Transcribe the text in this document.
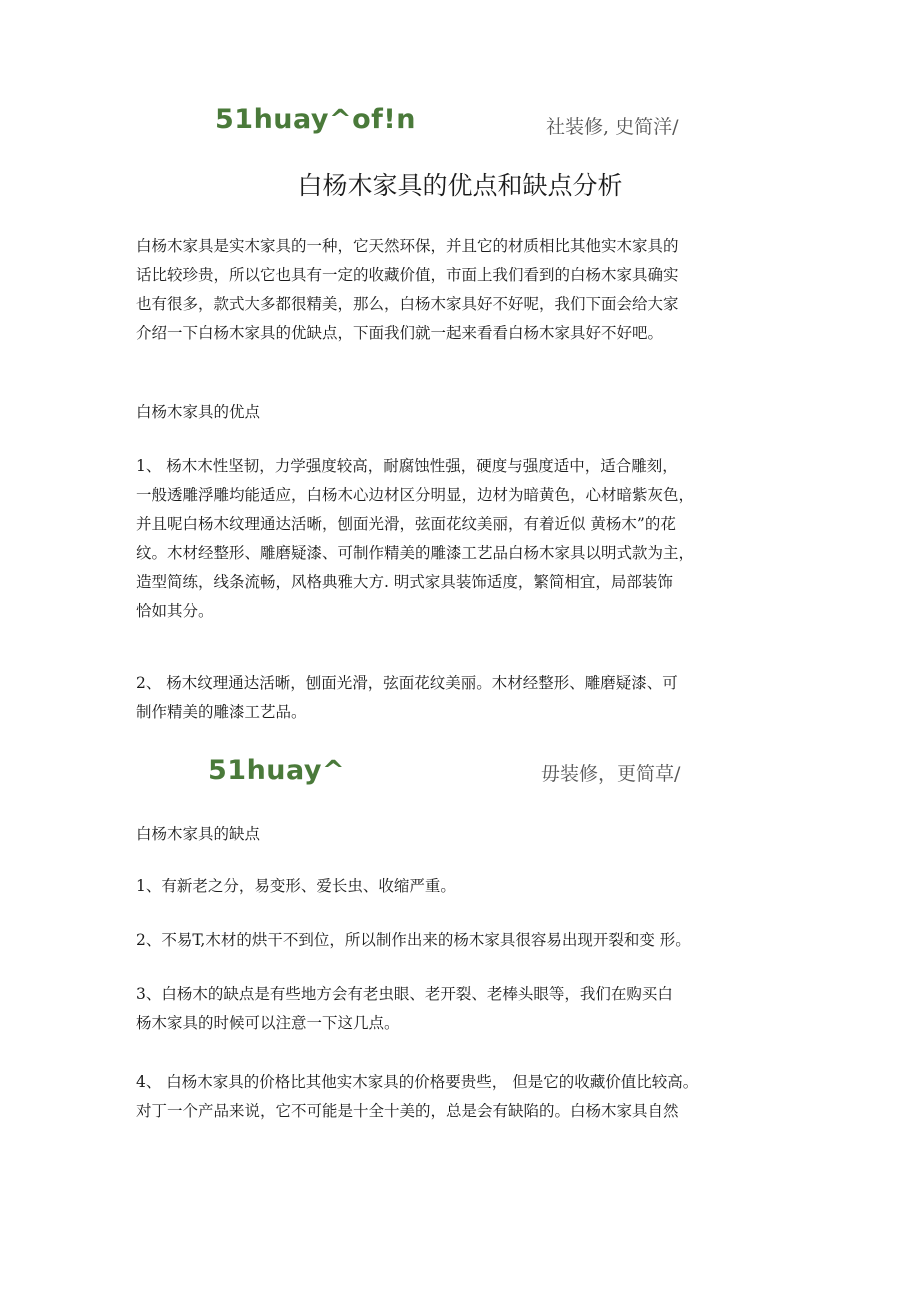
51huay^of!n	社装修, 史简洋/
白杨木家具的优点和缺点分析
白杨木家具是实木家具的一种，它天然环保，并且它的材质相比其他实木家具的
话比较珍贵，所以它也具有一定的收藏价值，市面上我们看到的白杨木家具确实
也有很多，款式大多都很精美，那么，白杨木家具好不好呢，我们下面会给大家
介绍一下白杨木家具的优缺点，下面我们就一起来看看白杨木家具好不好吧。
白杨木家具的优点
1、 杨木木性坚韧，力学强度较高，耐腐蚀性强，硬度与强度适中，适合雕刻，
一般透雕浮雕均能适应，白杨木心边材区分明显，边材为暗黄色，心材暗紫灰色，
并且呢白杨木纹理通达活晰，刨面光滑，弦面花纹美丽，有着近似 黄杨木”的花
纹。木材经整形、雕磨疑漆、可制作精美的雕漆工艺品白杨木家具以明式款为主，
造型简练，线条流畅，风格典雅大方. 明式家具装饰适度，繁简相宜，局部装饰
恰如其分。
2、 杨木纹理通达活晰，刨面光滑，弦面花纹美丽。木材经整形、雕磨疑漆、可
制作精美的雕漆工艺品。
51huay^	毋装修，更简草/
白杨木家具的缺点
1、有新老之分，易变形、爱长虫、收缩严重。
2、不易T,木材的烘干不到位，所以制作出来的杨木家具很容易出现开裂和变 形。
3、白杨木的缺点是有些地方会有老虫眼、老开裂、老棒头眼等，我们在购买白
杨木家具的时候可以注意一下这几点。
4、 白杨木家具的价格比其他实木家具的价格要贵些， 但是它的收藏价值比较高。
对丁一个产品来说，它不可能是十全十美的，总是会有缺陷的。白杨木家具自然
